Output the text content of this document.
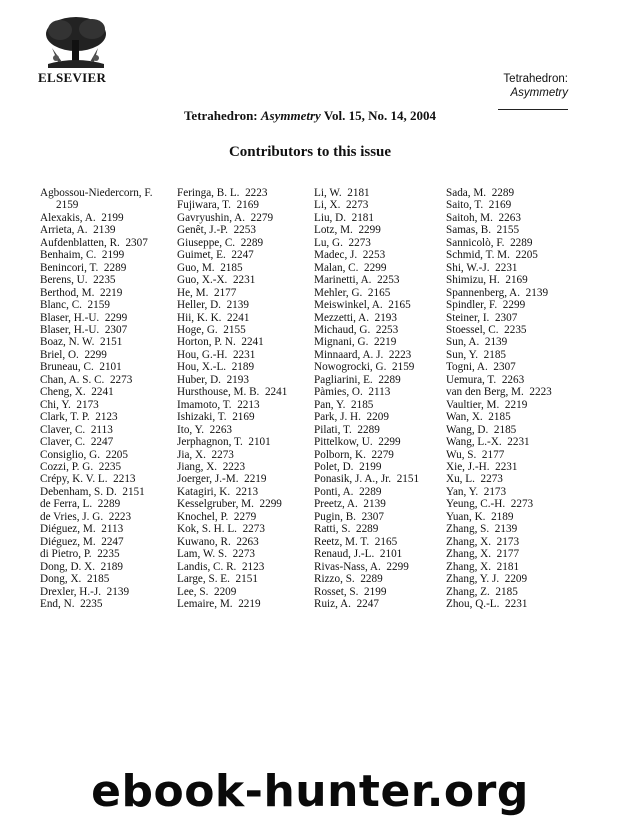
ELSEVIER	Tetrahedron:
Asymmetry
Tetrahedron: Asymmetry Vol. 15, No. 14, 2004
Contributors to this issue
Agbossou-Niedercorn, F.
2159
Alexakis, A. 2199
Arrieta, A. 2139
Aufdenblatten, R. 2307
Benhaim, C. 2199
Benincori, T. 2289
Berens, U. 2235
Berthod, M. 2219
Blanc, C. 2159
Blaser, H.-U. 2299
Blaser, H.-U. 2307
Boaz, N. W. 2151
Briel, O. 2299
Bruneau, C. 2101
Chan, A. S. C. 2273
Cheng, X. 2241
Chi, Y. 2173
Clark, T. P. 2123
Claver, C. 2113
Claver, C. 2247
Consiglio, G. 2205
Cozzi, P. G. 2235
Crépy, K. V. L. 2213
Debenham, S. D. 2151
de Ferra, L. 2289
de Vries, J. G. 2223
Diéguez, M. 2113
Diéguez, M. 2247
di Pietro, P. 2235
Dong, D. X. 2189
Dong, X. 2185
Drexler, H.-J. 2139
End, N. 2235
Feringa, B. L. 2223
Fujiwara, T. 2169
Gavryushin, A. 2279
Genêt, J.-P. 2253
Giuseppe, C. 2289
Guimet, E. 2247
Guo, M. 2185
Guo, X.-X. 2231
He, M. 2177
Heller, D. 2139
Hii, K. K. 2241
Hoge, G. 2155
Horton, P. N. 2241
Hou, G.-H. 2231
Hou, X.-L. 2189
Huber, D. 2193
Hursthouse, M. B. 2241
Imamoto, T. 2213
Ishizaki, T. 2169
Ito, Y. 2263
Jerphagnon, T. 2101
Jia, X. 2273
Jiang, X. 2223
Joerger, J.-M. 2219
Katagiri, K. 2213
Kesselgruber, M. 2299
Knochel, P. 2279
Kok, S. H. L. 2273
Kuwano, R. 2263
Lam, W. S. 2273
Landis, C. R. 2123
Large, S. E. 2151
Lee, S. 2209
Lemaire, M. 2219
Li, W. 2181
Li, X. 2273
Liu, D. 2181
Lotz, M. 2299
Lu, G. 2273
Madec, J. 2253
Malan, C. 2299
Marinetti, A. 2253
Mehler, G. 2165
Meiswinkel, A. 2165
Mezzetti, A. 2193
Michaud, G. 2253
Mignani, G. 2219
Minnaard, A. J. 2223
Nowogrocki, G. 2159
Pagliarini, E. 2289
Pàmies, O. 2113
Pan, Y. 2185
Park, J. H. 2209
Pilati, T. 2289
Pittelkow, U. 2299
Polborn, K. 2279
Polet, D. 2199
Ponasik, J. A., Jr. 2151
Ponti, A. 2289
Preetz, A. 2139
Pugin, B. 2307
Ratti, S. 2289
Reetz, M. T. 2165
Renaud, J.-L. 2101
Rivas-Nass, A. 2299
Rizzo, S. 2289
Rosset, S. 2199
Ruiz, A. 2247
Sada, M. 2289
Saito, T. 2169
Saitoh, M. 2263
Samas, B. 2155
Sannicolò, F. 2289
Schmid, T. M. 2205
Shi, W.-J. 2231
Shimizu, H. 2169
Spannenberg, A. 2139
Spindler, F. 2299
Steiner, I. 2307
Stoessel, C. 2235
Sun, A. 2139
Sun, Y. 2185
Togni, A. 2307
Uemura, T. 2263
van den Berg, M. 2223
Vaultier, M. 2219
Wan, X. 2185
Wang, D. 2185
Wang, L.-X. 2231
Wu, S. 2177
Xie, J.-H. 2231
Xu, L. 2273
Yan, Y. 2173
Yeung, C.-H. 2273
Yuan, K. 2189
Zhang, S. 2139
Zhang, X. 2173
Zhang, X. 2177
Zhang, X. 2181
Zhang, Y. J. 2209
Zhang, Z. 2185
Zhou, Q.-L. 2231
ebook-hunter.org
